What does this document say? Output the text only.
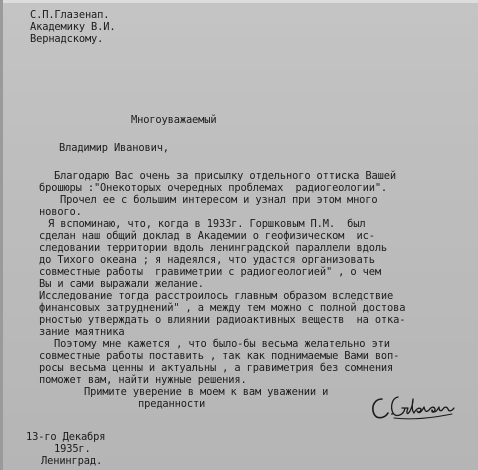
С.П.Глазенап.
Академику В.И.
Вернадскому.
Многоуважаемый
Владимир Иванович,
Благодарю Вас очень за присылку отдельного оттиска Вашей
брошюры :"Онекоторых очередных проблемах  радиогеологии".
Прочел ее с большим интересом и узнал при этом много
нового.
Я вспоминаю, что, когда в 1933г. Горшковым П.М.  был
сделан наш общий доклад в Академии о геофизическом  ис-
следовании территории вдоль ленинградской параллели вдоль
до Тихого океана ; я надеялся, что удастся организовать
совместные работы  гравиметрии с радиогеологией" , о чем
Вы и сами выражали желание.
Исследование тогда расстроилось главным образом вследствие
финансовых затруднений" , а между тем можно с полной достова
рностью утверждать о влиянии радиоактивных веществ  на отка-
зание маятника
Поэтому мне кажется , что было-бы весьма желательно эти
совместные работы поставить , так как поднимаемые Вами воп-
росы весьма ценны и актуальны , а гравиметрия без сомнения
поможет вам, найти нужные решения.
Примите уверение в моем к вам уважении и
преданности
13-го Декабря
1935г.
Ленинград.
